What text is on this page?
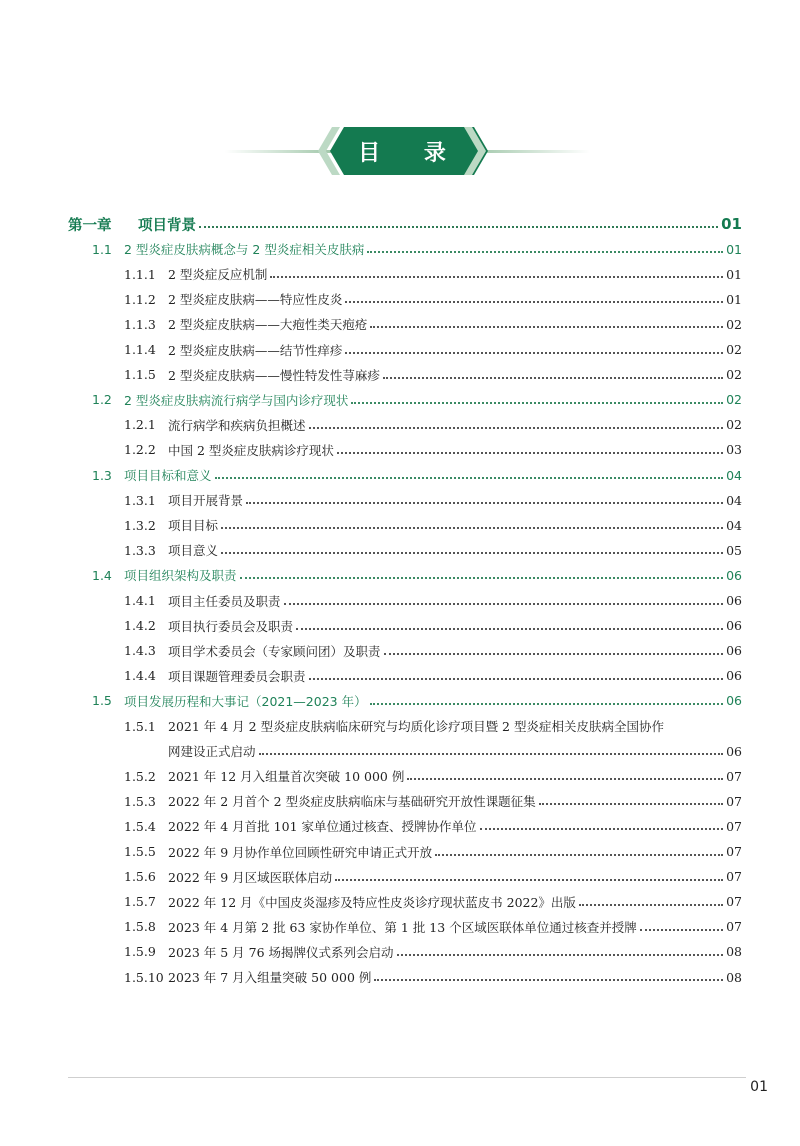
目 录
第一章	项目背景	01
1.1 2 型炎症皮肤病概念与 2 型炎症相关皮肤病	01
1.1.1 2 型炎症反应机制	01
1.1.2 2 型炎症皮肤病——特应性皮炎	01
1.1.3 2 型炎症皮肤病——大疱性类天疱疮	02
1.1.4 2 型炎症皮肤病——结节性痒疹	02
1.1.5 2 型炎症皮肤病——慢性特发性荨麻疹	02
1.2 2 型炎症皮肤病流行病学与国内诊疗现状	02
1.2.1 流行病学和疾病负担概述	02
1.2.2 中国 2 型炎症皮肤病诊疗现状	03
1.3 项目目标和意义	04
1.3.1 项目开展背景	04
1.3.2 项目目标	04
1.3.3 项目意义	05
1.4 项目组织架构及职责	06
1.4.1 项目主任委员及职责	06
1.4.2 项目执行委员会及职责	06
1.4.3 项目学术委员会（专家顾问团）及职责	06
1.4.4 项目课题管理委员会职责	06
1.5 项目发展历程和大事记（2021—2023 年）	06
1.5.1 2021 年 4 月 2 型炎症皮肤病临床研究与均质化诊疗项目暨 2 型炎症相关皮肤病全国协作
网建设正式启动	06
1.5.2 2021 年 12 月入组量首次突破 10 000 例	07
1.5.3 2022 年 2 月首个 2 型炎症皮肤病临床与基础研究开放性课题征集	07
1.5.4 2022 年 4 月首批 101 家单位通过核查、授牌协作单位	07
1.5.5 2022 年 9 月协作单位回顾性研究申请正式开放	07
1.5.6 2022 年 9 月区域医联体启动	07
1.5.7 2022 年 12 月《中国皮炎湿疹及特应性皮炎诊疗现状蓝皮书 2022》出版	07
1.5.8 2023 年 4 月第 2 批 63 家协作单位、第 1 批 13 个区域医联体单位通过核查并授牌	07
1.5.9 2023 年 5 月 76 场揭牌仪式系列会启动	08
1.5.10 2023 年 7 月入组量突破 50 000 例	08
01
